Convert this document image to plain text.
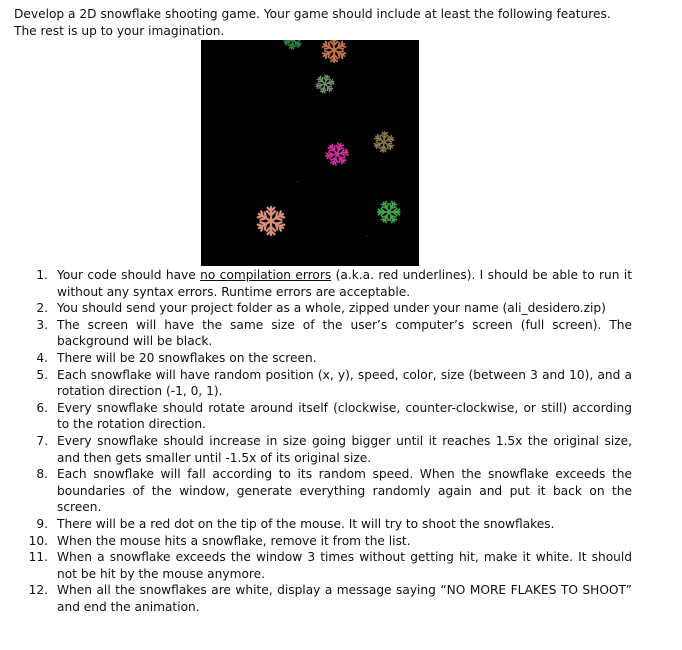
Develop a 2D snowflake shooting game. Your game should include at least the following features.

The rest is up to your imagination.

1. Your code should have no compilation errors (a.k.a. red underlines). I should be able to run it without any syntax errors. Runtime errors are acceptable.
2. You should send your project folder as a whole, zipped under your name (ali_desidero.zip)
3. The screen will have the same size of the user’s computer’s screen (full screen). The background will be black.
4. There will be 20 snowflakes on the screen.
5. Each snowflake will have random position (x, y), speed, color, size (between 3 and 10), and a rotation direction (-1, 0, 1).
6. Every snowflake should rotate around itself (clockwise, counter-clockwise, or still) according to the rotation direction.
7. Every snowflake should increase in size going bigger until it reaches 1.5x the original size, and then gets smaller until -1.5x of its original size.
8. Each snowflake will fall according to its random speed. When the snowflake exceeds the boundaries of the window, generate everything randomly again and put it back on the screen.
9. There will be a red dot on the tip of the mouse. It will try to shoot the snowflakes.
10. When the mouse hits a snowflake, remove it from the list.
11. When a snowflake exceeds the window 3 times without getting hit, make it white. It should not be hit by the mouse anymore.
12. When all the snowflakes are white, display a message saying “NO MORE FLAKES TO SHOOT” and end the animation.
